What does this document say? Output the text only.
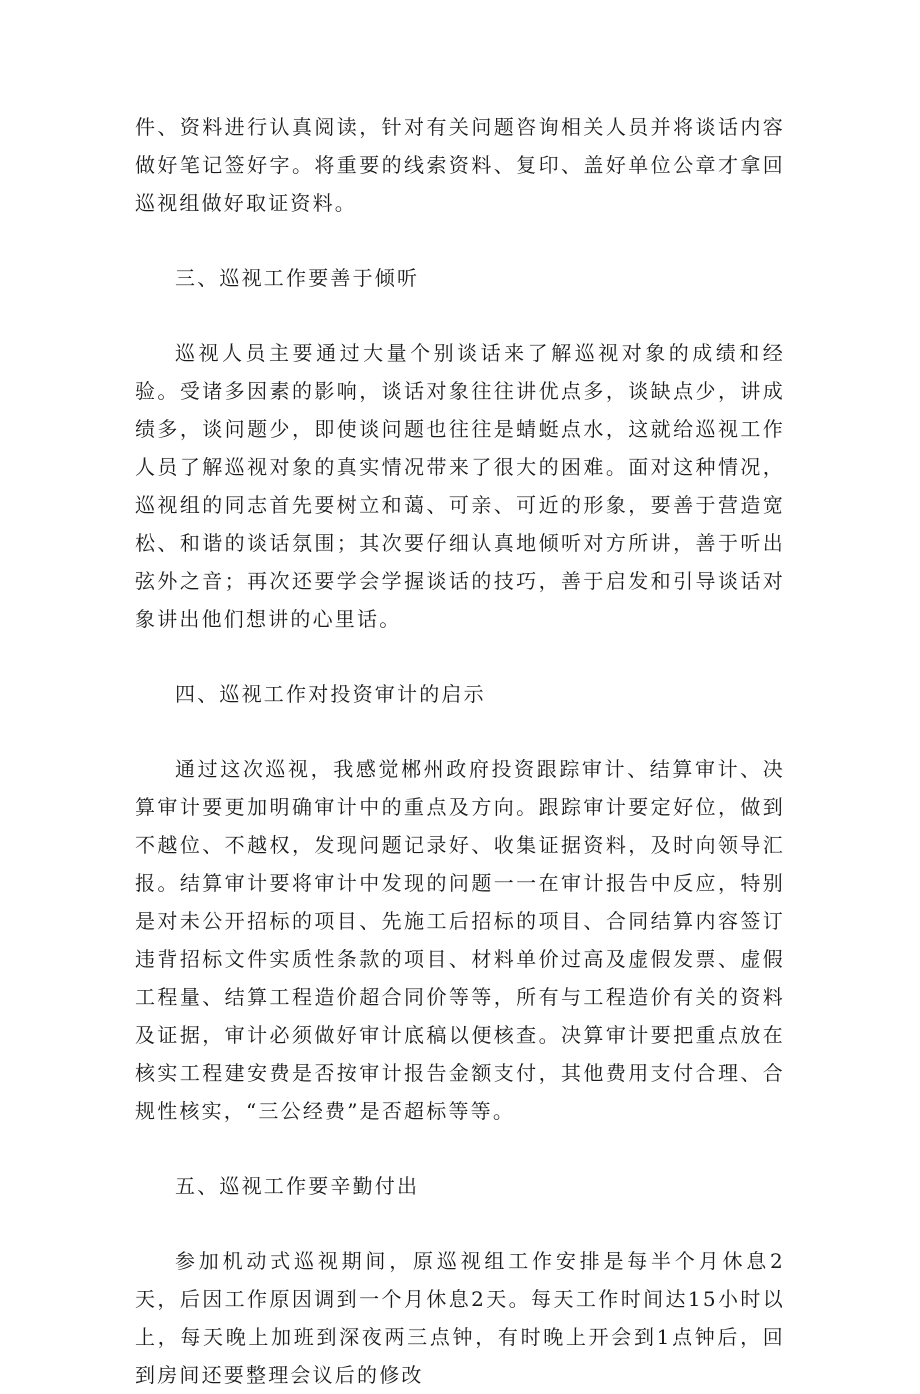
件、资料进行认真阅读，针对有关问题咨询相关人员并将谈话内容做好笔记签好字。将重要的线索资料、复印、盖好单位公章才拿回巡视组做好取证资料。

三、巡视工作要善于倾听

巡视人员主要通过大量个别谈话来了解巡视对象的成绩和经验。受诸多因素的影响，谈话对象往往讲优点多，谈缺点少，讲成绩多，谈问题少，即使谈问题也往往是蜻蜓点水，这就给巡视工作人员了解巡视对象的真实情况带来了很大的困难。面对这种情况，巡视组的同志首先要树立和蔼、可亲、可近的形象，要善于营造宽松、和谐的谈话氛围；其次要仔细认真地倾听对方所讲，善于听出弦外之音；再次还要学会学握谈话的技巧，善于启发和引导谈话对象讲出他们想讲的心里话。

四、巡视工作对投资审计的启示

通过这次巡视，我感觉郴州政府投资跟踪审计、结算审计、决算审计要更加明确审计中的重点及方向。跟踪审计要定好位，做到不越位、不越权，发现问题记录好、收集证据资料，及时向领导汇报。结算审计要将审计中发现的问题一一在审计报告中反应，特别是对未公开招标的项目、先施工后招标的项目、合同结算内容签订违背招标文件实质性条款的项目、材料单价过高及虚假发票、虚假工程量、结算工程造价超合同价等等，所有与工程造价有关的资料及证据，审计必须做好审计底稿以便核查。决算审计要把重点放在核实工程建安费是否按审计报告金额支付，其他费用支付合理、合规性核实，“三公经费”是否超标等等。

五、巡视工作要辛勤付出

参加机动式巡视期间，原巡视组工作安排是每半个月休息2天，后因工作原因调到一个月休息2天。每天工作时间达15小时以上，每天晚上加班到深夜两三点钟，有时晚上开会到1点钟后，回到房间还要整理会议后的修改
